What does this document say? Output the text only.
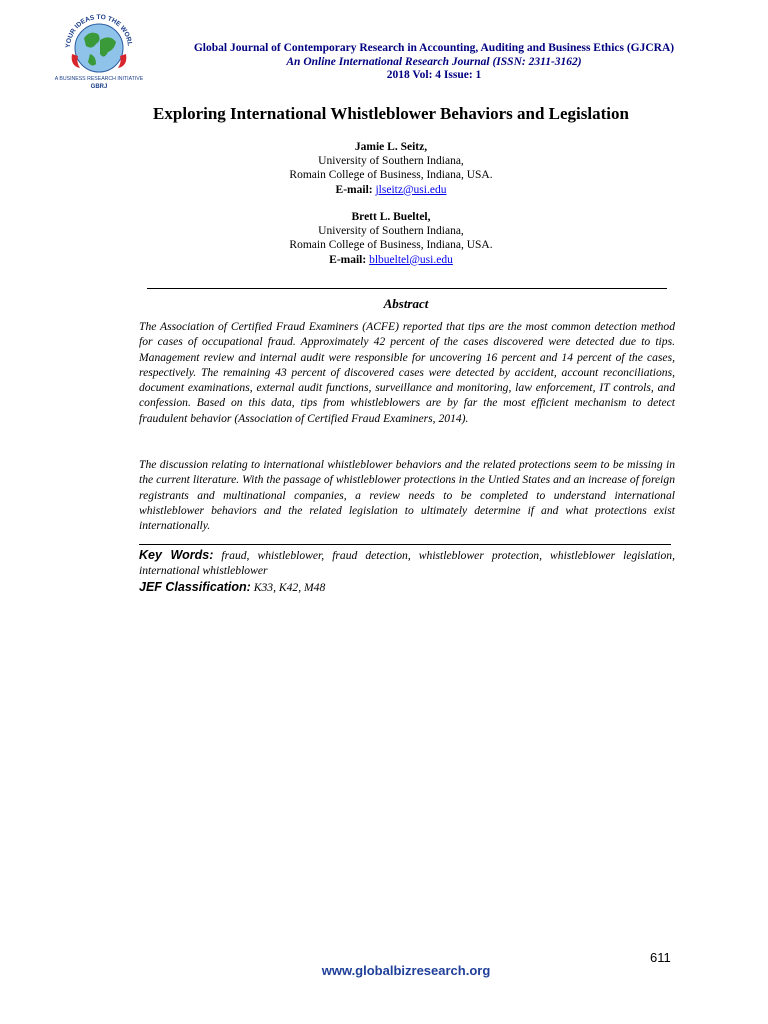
YOUR IDEAS TO THE WORL
A BUSINESS RESEARCH INITIATIVE
GBRJ
Global Journal of Contemporary Research in Accounting, Auditing and Business Ethics (GJCRA)
An Online International Research Journal (ISSN: 2311-3162)
2018 Vol: 4 Issue: 1
Exploring International Whistleblower Behaviors and Legislation
Jamie L. Seitz,
University of Southern Indiana,
Romain College of Business, Indiana, USA.
E-mail: jlseitz@usi.edu
Brett L. Bueltel,
University of Southern Indiana,
Romain College of Business, Indiana, USA.
E-mail: blbueltel@usi.edu
Abstract
The Association of Certified Fraud Examiners (ACFE) reported that tips are the most common detection method for cases of occupational fraud. Approximately 42 percent of the cases discovered were detected due to tips. Management review and internal audit were responsible for uncovering 16 percent and 14 percent of the cases, respectively. The remaining 43 percent of discovered cases were detected by accident, account reconciliations, document examinations, external audit functions, surveillance and monitoring, law enforcement, IT controls, and confession. Based on this data, tips from whistleblowers are by far the most efficient mechanism to detect fraudulent behavior (Association of Certified Fraud Examiners, 2014).
The discussion relating to international whistleblower behaviors and the related protections seem to be missing in the current literature. With the passage of whistleblower protections in the Untied States and an increase of foreign registrants and multinational companies, a review needs to be completed to understand international whistleblower behaviors and the related legislation to ultimately determine if and what protections exist internationally.
Key Words: fraud, whistleblower, fraud detection, whistleblower protection, whistleblower legislation, international whistleblower
JEF Classification: K33, K42, M48
611
www.globalbizresearch.org
